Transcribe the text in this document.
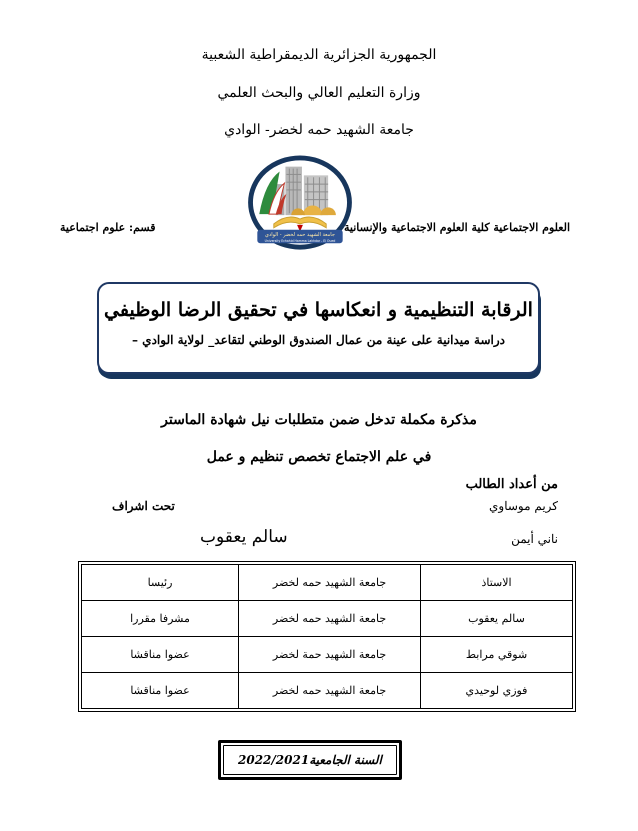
الجمهورية الجزائرية الديمقراطية الشعبية
وزارة التعليم العالي والبحث العلمي
جامعة الشهيد حمه لخضر- الوادي
جامعة الشهيد حمه لخضر - الوادي
University Echahid Hamma Lakhdar - El Oued
العلوم الاجتماعية كلية العلوم الاجتماعية والإنسانية
قسم: علوم اجتماعية
الرقابة التنظيمية و انعكاسها في تحقيق الرضا الوظيفي
دراسة ميدانية على عينة من عمال الصندوق الوطني لتقاعد_ لولاية الوادي –
مذكرة مكملة تدخل ضمن متطلبات نيل شهادة الماستر
في علم الاجتماع تخصص تنظيم و عمل
من أعداد الطالب
كريم موساوي
تحت اشراف
ناني أيمن
سالم يعقوب
الاستاذ	جامعة الشهيد حمه لخضر	رئيسا
سالم يعقوب	جامعة الشهيد حمه لخضر	مشرفا مقررا
شوقي مرابط	جامعة الشهيد حمة لخضر	عضوا مناقشا
فوزي لوحيدي	جامعة الشهيد حمه لخضر	عضوا مناقشا
السنة الجامعية2022/2021
